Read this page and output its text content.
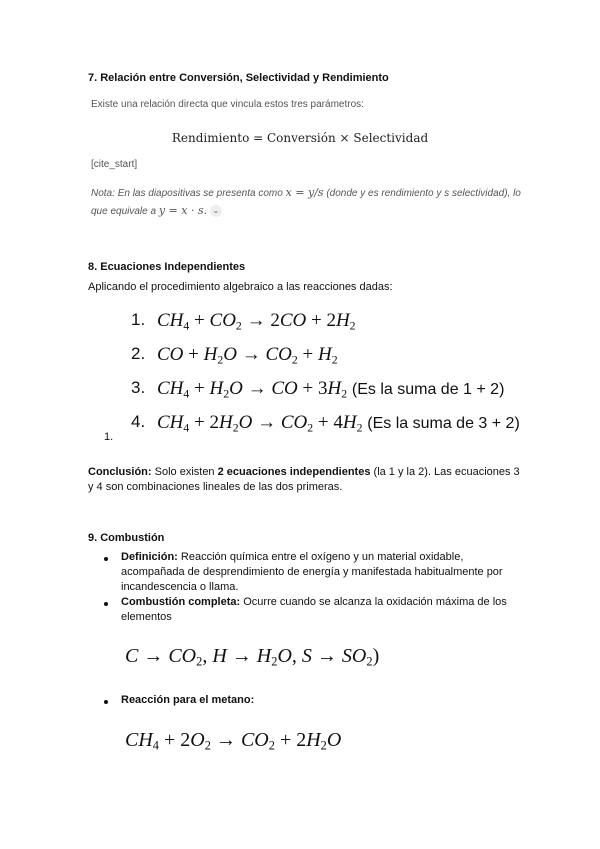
7. Relación entre Conversión, Selectividad y Rendimiento
Existe una relación directa que vincula estos tres parámetros:
Rendimiento = Conversión × Selectividad
[cite_start]
Nota: En las diapositivas se presenta como x = y/s (donde y es rendimiento y s selectividad), lo que equivale a y = x · s. ⌄
8. Ecuaciones Independientes
Aplicando el procedimiento algebraico a las reacciones dadas:
1. $CH_4 + CO_2 \to 2CO + 2H_2$
2. CO + $H_2O \to CO_2 + H_2$
3. $CH_4 + H_2O$ → CO + $3H_2$ (Es la suma de 1 + 2)
4. $CH_4 + 2H_2O \to CO_2 + 4H_2$ (Es la suma de 3 + 2)
1.
Conclusión: Solo existen 2 ecuaciones independientes (la 1 y la 2). Las ecuaciones 3 y 4 son combinaciones lineales de las dos primeras.
9. Combustión
Definición: Reacción química entre el oxígeno y un material oxidable, acompañada de desprendimiento de energía y manifestada habitualmente por incandescencia o llama.
Combustión completa: Ocurre cuando se alcanza la oxidación máxima de los elementos
$C \to CO_2$, $H \to H_2O$, $S \to SO_2$)
Reacción para el metano:
$CH_4 + 2O_2 \to CO_2 + 2H_2O$
